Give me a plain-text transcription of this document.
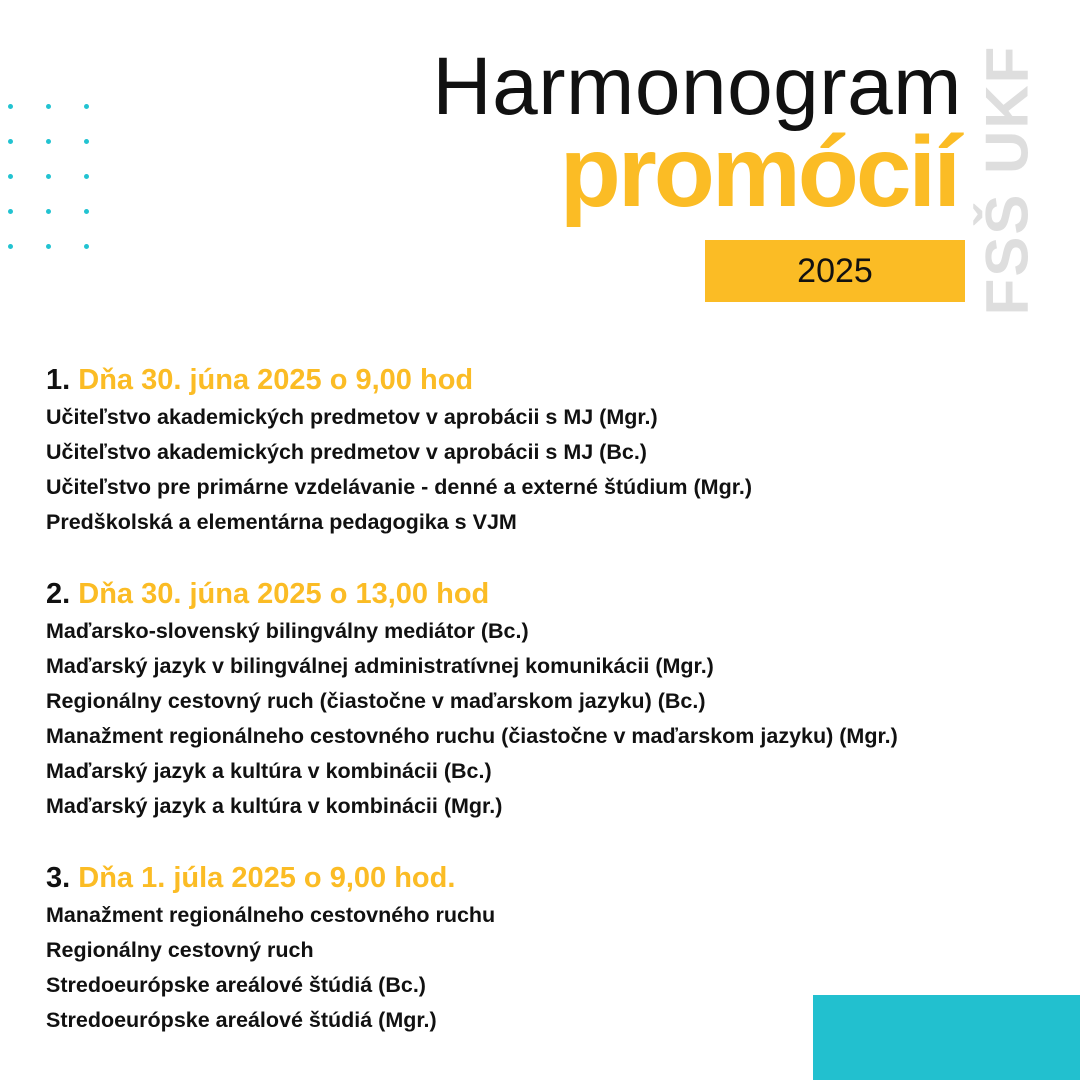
Harmonogram
promócií
2025 FSŠ UKF
1. Dňa 30. júna 2025 o 9,00 hod
Učiteľstvo akademických predmetov v aprobácii s MJ (Mgr.)
Učiteľstvo akademických predmetov v aprobácii s MJ (Bc.)
Učiteľstvo pre primárne vzdelávanie - denné a externé štúdium (Mgr.)
Predškolská a elementárna pedagogika s VJM
2. Dňa 30. júna 2025 o 13,00 hod
Maďarsko-slovenský bilingválny mediátor (Bc.)
Maďarský jazyk v bilingválnej administratívnej komunikácii (Mgr.)
Regionálny cestovný ruch (čiastočne v maďarskom jazyku) (Bc.)
Manažment regionálneho cestovného ruchu (čiastočne v maďarskom jazyku) (Mgr.)
Maďarský jazyk a kultúra v kombinácii (Bc.)
Maďarský jazyk a kultúra v kombinácii (Mgr.)
3. Dňa 1. júla 2025 o 9,00 hod.
Manažment regionálneho cestovného ruchu
Regionálny cestovný ruch
Stredoeurópske areálové štúdiá (Bc.)
Stredoeurópske areálové štúdiá (Mgr.)
